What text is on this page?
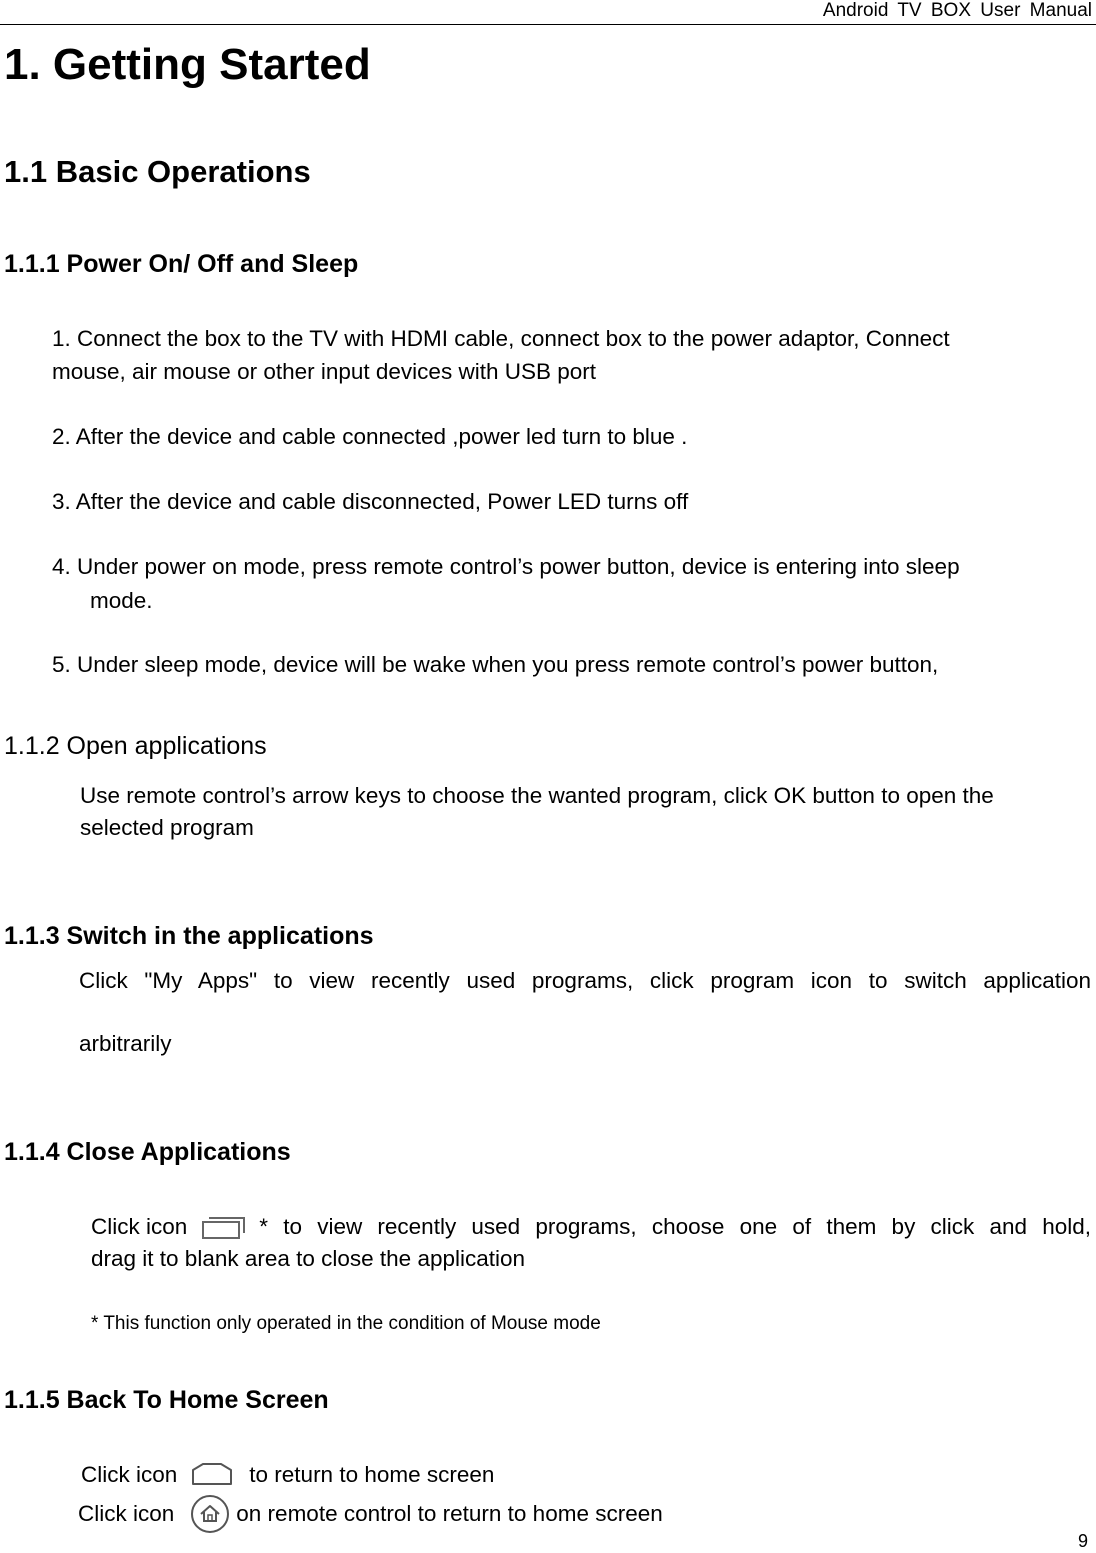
Android TV BOX User Manual
1. Getting Started
1.1 Basic Operations
1.1.1 Power On/ Off and Sleep
1. Connect the box to the TV with HDMI cable, connect box to the power adaptor, Connect
mouse, air mouse or other input devices with USB port
2. After the device and cable connected ,power led turn to blue .
3. After the device and cable disconnected, Power LED turns off
4. Under power on mode, press remote control’s power button, device is entering into sleep
mode.
5. Under sleep mode, device will be wake when you press remote control’s power button,
1.1.2 Open applications
Use remote control’s arrow keys to choose the wanted program, click OK button to open the
selected program
1.1.3 Switch in the applications
Click "My Apps" to view recently used programs, click program icon to switch application
arbitrarily
1.1.4 Close Applications
Click icon	* to view recently used programs, choose one of them by click and hold,
drag it to blank area to close the application
* This function only operated in the condition of Mouse mode
1.1.5 Back To Home Screen
Click icon	to return to home screen
Click icon	on remote control to return to home screen
9
